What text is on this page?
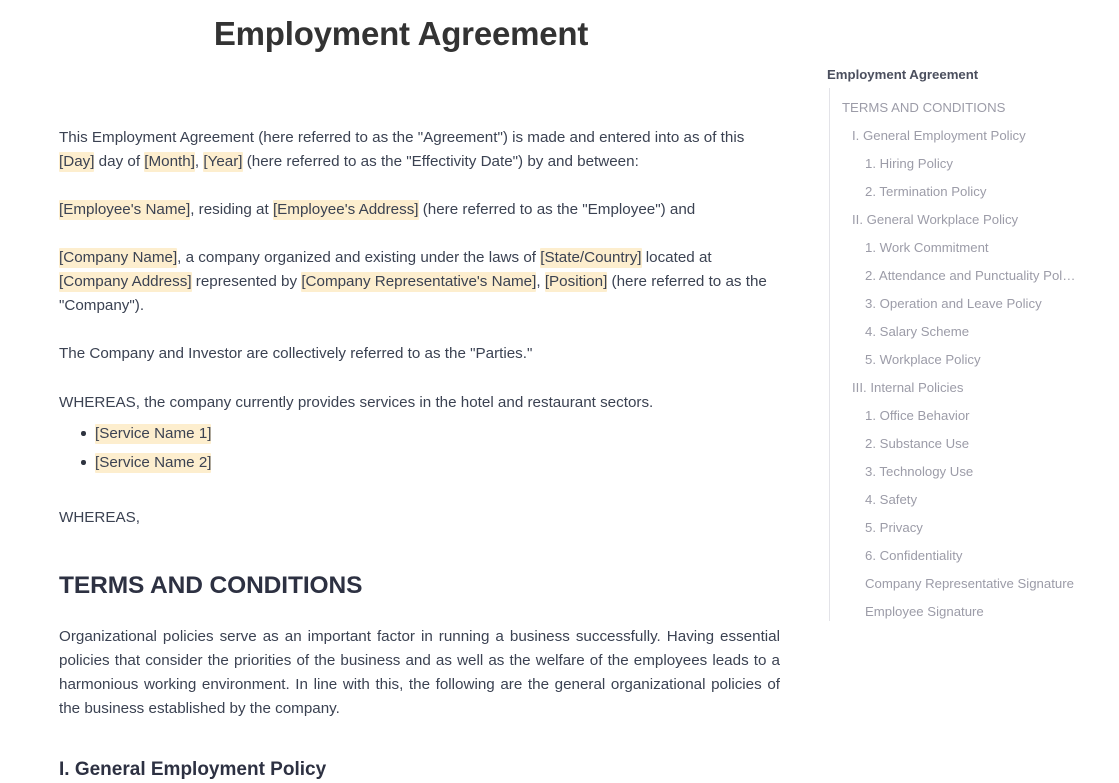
Employment Agreement

This Employment Agreement (here referred to as the "Agreement") is made and entered into as of this [Day] day of [Month], [Year] (here referred to as the "Effectivity Date") by and between:

[Employee's Name], residing at [Employee's Address] (here referred to as the "Employee") and

[Company Name], a company organized and existing under the laws of [State/Country] located at [Company Address] represented by [Company Representative's Name], [Position] (here referred to as the "Company").

The Company and Investor are collectively referred to as the "Parties."

WHEREAS, the company currently provides services in the hotel and restaurant sectors.

[Service Name 1]
[Service Name 2]

WHEREAS,

TERMS AND CONDITIONS

Organizational policies serve as an important factor in running a business successfully. Having essential policies that consider the priorities of the business and as well as the welfare of the employees leads to a harmonious working environment. In line with this, the following are the general organizational policies of the business established by the company.

I. General Employment Policy
Employment Agreement
TERMS AND CONDITIONS
I. General Employment Policy
1. Hiring Policy
2. Termination Policy
II. General Workplace Policy
1. Work Commitment
2. Attendance and Punctuality Pol…
3. Operation and Leave Policy
4. Salary Scheme
5. Workplace Policy
III. Internal Policies
1. Office Behavior
2. Substance Use
3. Technology Use
4. Safety
5. Privacy
6. Confidentiality
Company Representative Signature
Employee Signature
